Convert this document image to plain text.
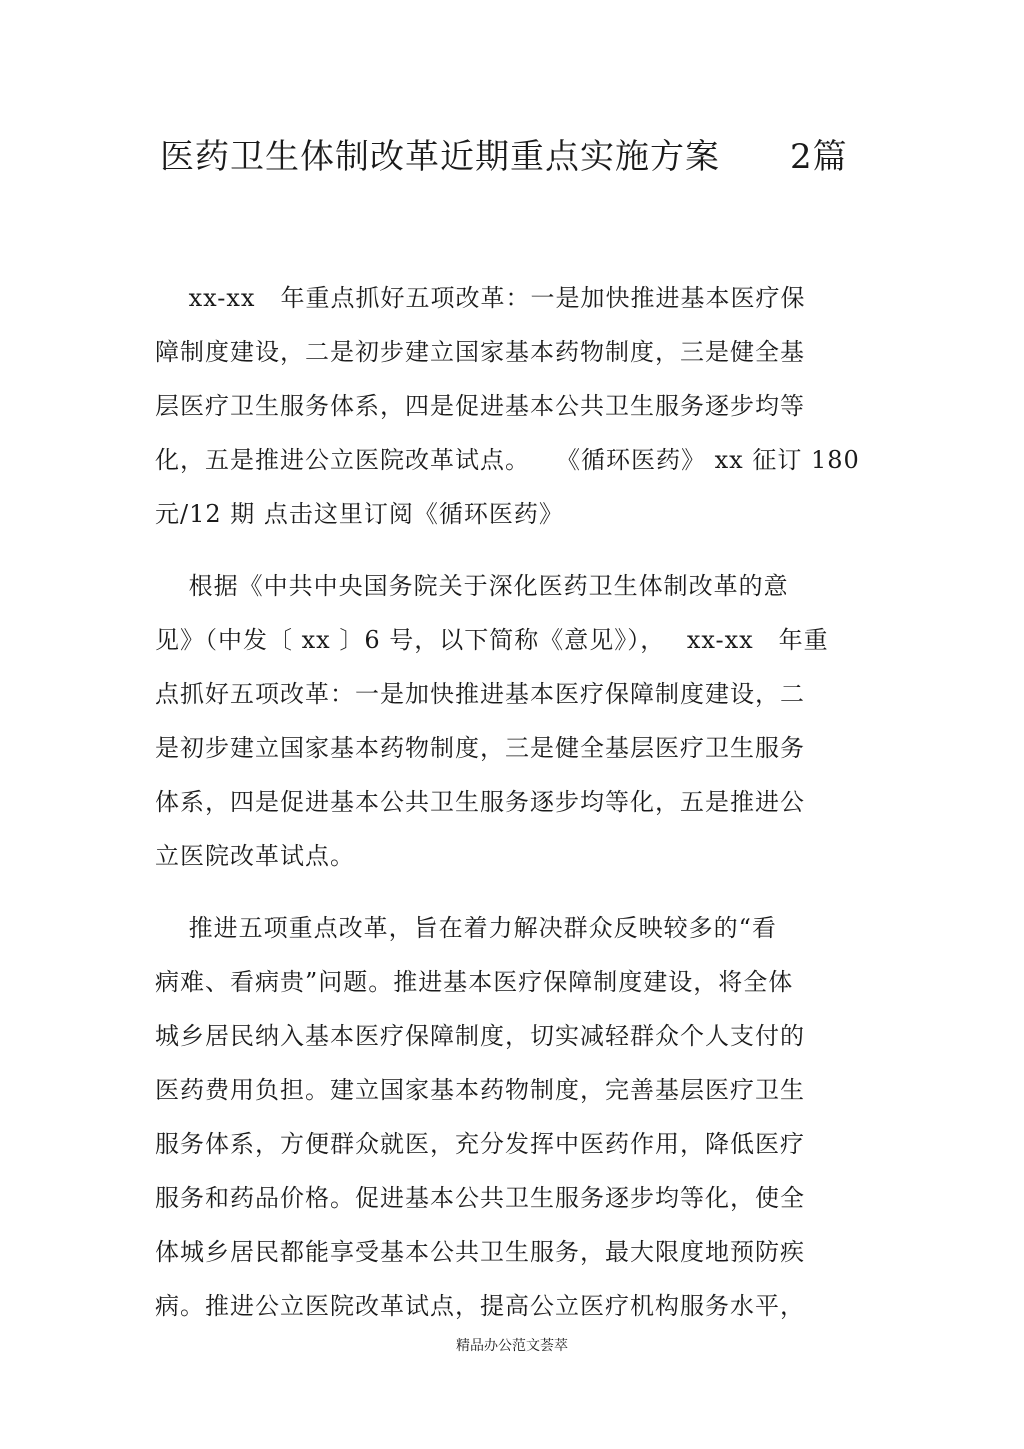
医药卫生体制改革近期重点实施方案 2篇
　 xx-xx　年重点抓好五项改革：一是加快推进基本医疗保
障制度建设，二是初步建立国家基本药物制度，三是健全基
层医疗卫生服务体系，四是促进基本公共卫生服务逐步均等
化，五是推进公立医院改革试点。　　《循环医药》 xx 征订 180
元/12 期 点击这里订阅《循环医药》
　 根据《中共中央国务院关于深化医药卫生体制改革的意
见》（中发〔 xx 〕6 号，以下简称《意见》），　 xx-xx　年重
点抓好五项改革：一是加快推进基本医疗保障制度建设，二
是初步建立国家基本药物制度，三是健全基层医疗卫生服务
体系，四是促进基本公共卫生服务逐步均等化，五是推进公
立医院改革试点。
　 推进五项重点改革，旨在着力解决群众反映较多的“看
病难、看病贵”问题。推进基本医疗保障制度建设，将全体
城乡居民纳入基本医疗保障制度，切实减轻群众个人支付的
医药费用负担。建立国家基本药物制度，完善基层医疗卫生
服务体系，方便群众就医，充分发挥中医药作用，降低医疗
服务和药品价格。促进基本公共卫生服务逐步均等化，使全
体城乡居民都能享受基本公共卫生服务，最大限度地预防疾
病。推进公立医院改革试点，提高公立医疗机构服务水平，
精品办公范文荟萃
